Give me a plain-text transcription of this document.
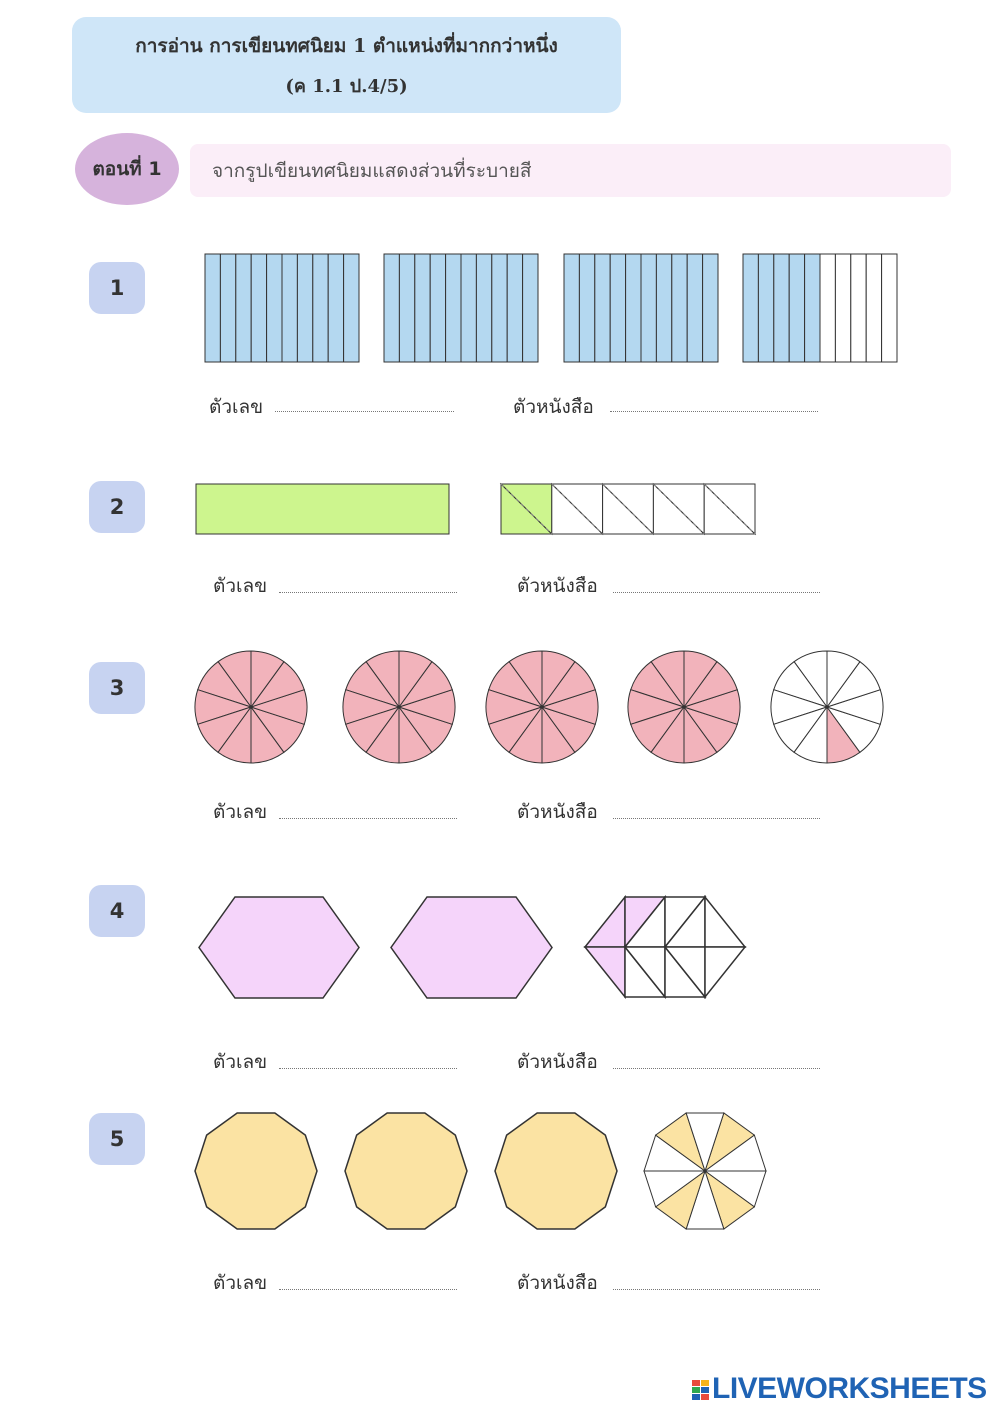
การอ่าน การเขียนทศนิยม 1 ตำแหน่งที่มากกว่าหนึ่ง
(ค 1.1 ป.4/5)
ตอนที่ 1	จากรูปเขียนทศนิยมแสดงส่วนที่ระบายสี
1
2
3
4
5
ตัวเลข	ตัวหนังสือ
ตัวเลข	ตัวหนังสือ
ตัวเลข	ตัวหนังสือ
ตัวเลข	ตัวหนังสือ
ตัวเลข	ตัวหนังสือ
LIVEWORKSHEETS
